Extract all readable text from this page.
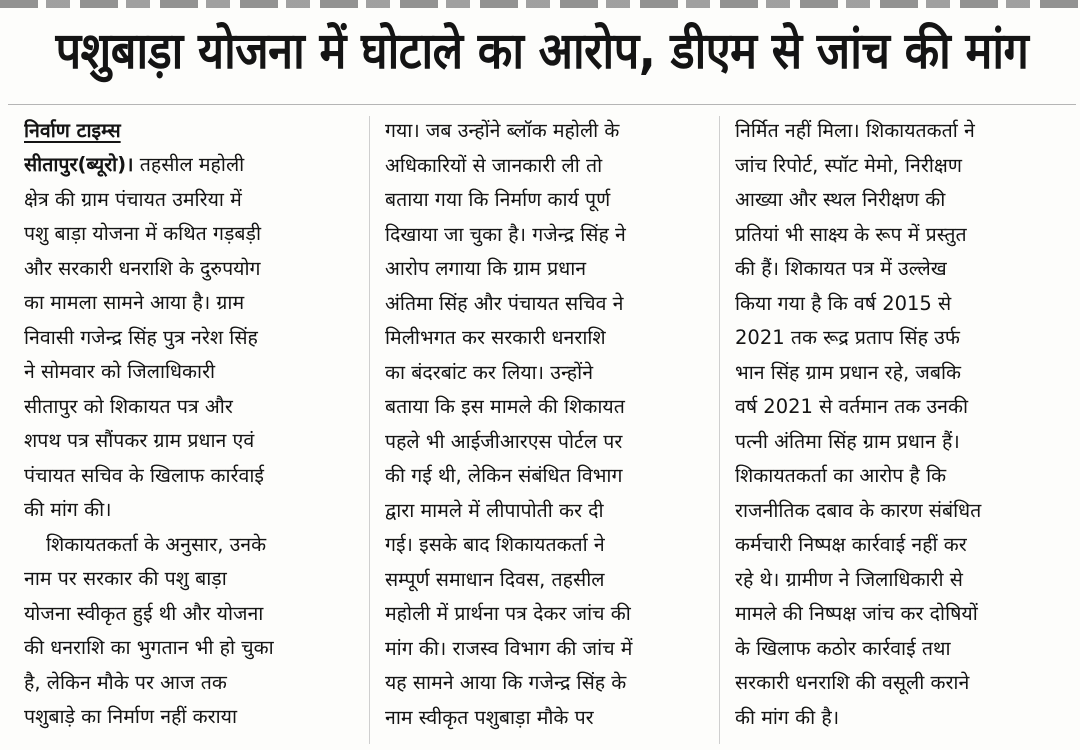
पशुबाड़ा योजना में घोटाले का आरोप, डीएम से जांच की मांग
निर्वाण टाइम्स
सीतापुर(ब्यूरो)। तहसील महोली
क्षेत्र की ग्राम पंचायत उमरिया में
पशु बाड़ा योजना में कथित गड़बड़ी
और सरकारी धनराशि के दुरुपयोग
का मामला सामने आया है। ग्राम
निवासी गजेन्द्र सिंह पुत्र नरेश सिंह
ने सोमवार को जिलाधिकारी
सीतापुर को शिकायत पत्र और
शपथ पत्र सौंपकर ग्राम प्रधान एवं
पंचायत सचिव के खिलाफ कार्रवाई
की मांग की।
शिकायतकर्ता के अनुसार, उनके
नाम पर सरकार की पशु बाड़ा
योजना स्वीकृत हुई थी और योजना
की धनराशि का भुगतान भी हो चुका
है, लेकिन मौके पर आज तक
पशुबाड़े का निर्माण नहीं कराया
गया। जब उन्होंने ब्लॉक महोली के
अधिकारियों से जानकारी ली तो
बताया गया कि निर्माण कार्य पूर्ण
दिखाया जा चुका है। गजेन्द्र सिंह ने
आरोप लगाया कि ग्राम प्रधान
अंतिमा सिंह और पंचायत सचिव ने
मिलीभगत कर सरकारी धनराशि
का बंदरबांट कर लिया। उन्होंने
बताया कि इस मामले की शिकायत
पहले भी आईजीआरएस पोर्टल पर
की गई थी, लेकिन संबंधित विभाग
द्वारा मामले में लीपापोती कर दी
गई। इसके बाद शिकायतकर्ता ने
सम्पूर्ण समाधान दिवस, तहसील
महोली में प्रार्थना पत्र देकर जांच की
मांग की। राजस्व विभाग की जांच में
यह सामने आया कि गजेन्द्र सिंह के
नाम स्वीकृत पशुबाड़ा मौके पर
निर्मित नहीं मिला। शिकायतकर्ता ने
जांच रिपोर्ट, स्पॉट मेमो, निरीक्षण
आख्या और स्थल निरीक्षण की
प्रतियां भी साक्ष्य के रूप में प्रस्तुत
की हैं। शिकायत पत्र में उल्लेख
किया गया है कि वर्ष 2015 से
2021 तक रूद्र प्रताप सिंह उर्फ
भान सिंह ग्राम प्रधान रहे, जबकि
वर्ष 2021 से वर्तमान तक उनकी
पत्नी अंतिमा सिंह ग्राम प्रधान हैं।
शिकायतकर्ता का आरोप है कि
राजनीतिक दबाव के कारण संबंधित
कर्मचारी निष्पक्ष कार्रवाई नहीं कर
रहे थे। ग्रामीण ने जिलाधिकारी से
मामले की निष्पक्ष जांच कर दोषियों
के खिलाफ कठोर कार्रवाई तथा
सरकारी धनराशि की वसूली कराने
की मांग की है।
